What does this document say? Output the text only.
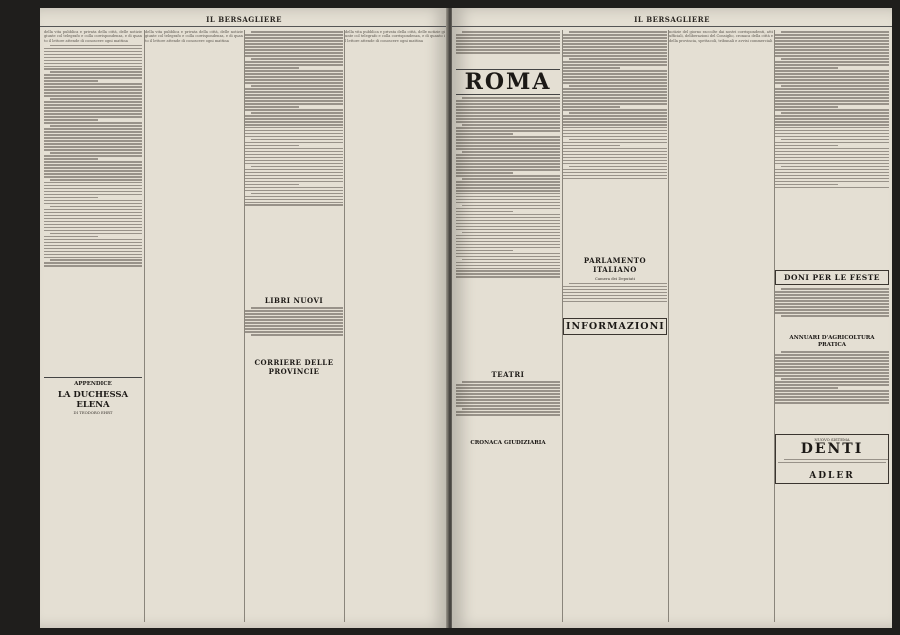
IL BERSAGLIERE
della vita pubblica e privata della città, delle notizie giunte col telegrafo e colla corrispondenza, e di quanto il lettore attende di conoscere ogni mattina
APPENDICE
LA DUCHESSA ELENA
DI TEODORO EHRT
della vita pubblica e privata della città, delle notizie giunte col telegrafo e colla corrispondenza, e di quanto il lettore attende di conoscere ogni mattina
LIBRI NUOVI
CORRIERE DELLE PROVINCIE
della vita pubblica e privata della città, delle notizie giunte col telegrafo e colla corrispondenza, e di quanto il lettore attende di conoscere ogni mattina
IL BERSAGLIERE
ROMA
TEATRI
CRONACA GIUDIZIARIA
PARLAMENTO ITALIANO
Camera dei Deputati
INFORMAZIONI
notizie del giorno raccolte dai nostri corrispondenti, atti ufficiali, deliberazioni del Consiglio, cronaca della città e della provincia, spettacoli, tribunali e avvisi commerciali
DONI PER LE FESTE
ANNUARI D'AGRICOLTURA PRATICA
NUOVO SISTEMA
DENTI
ADLER
